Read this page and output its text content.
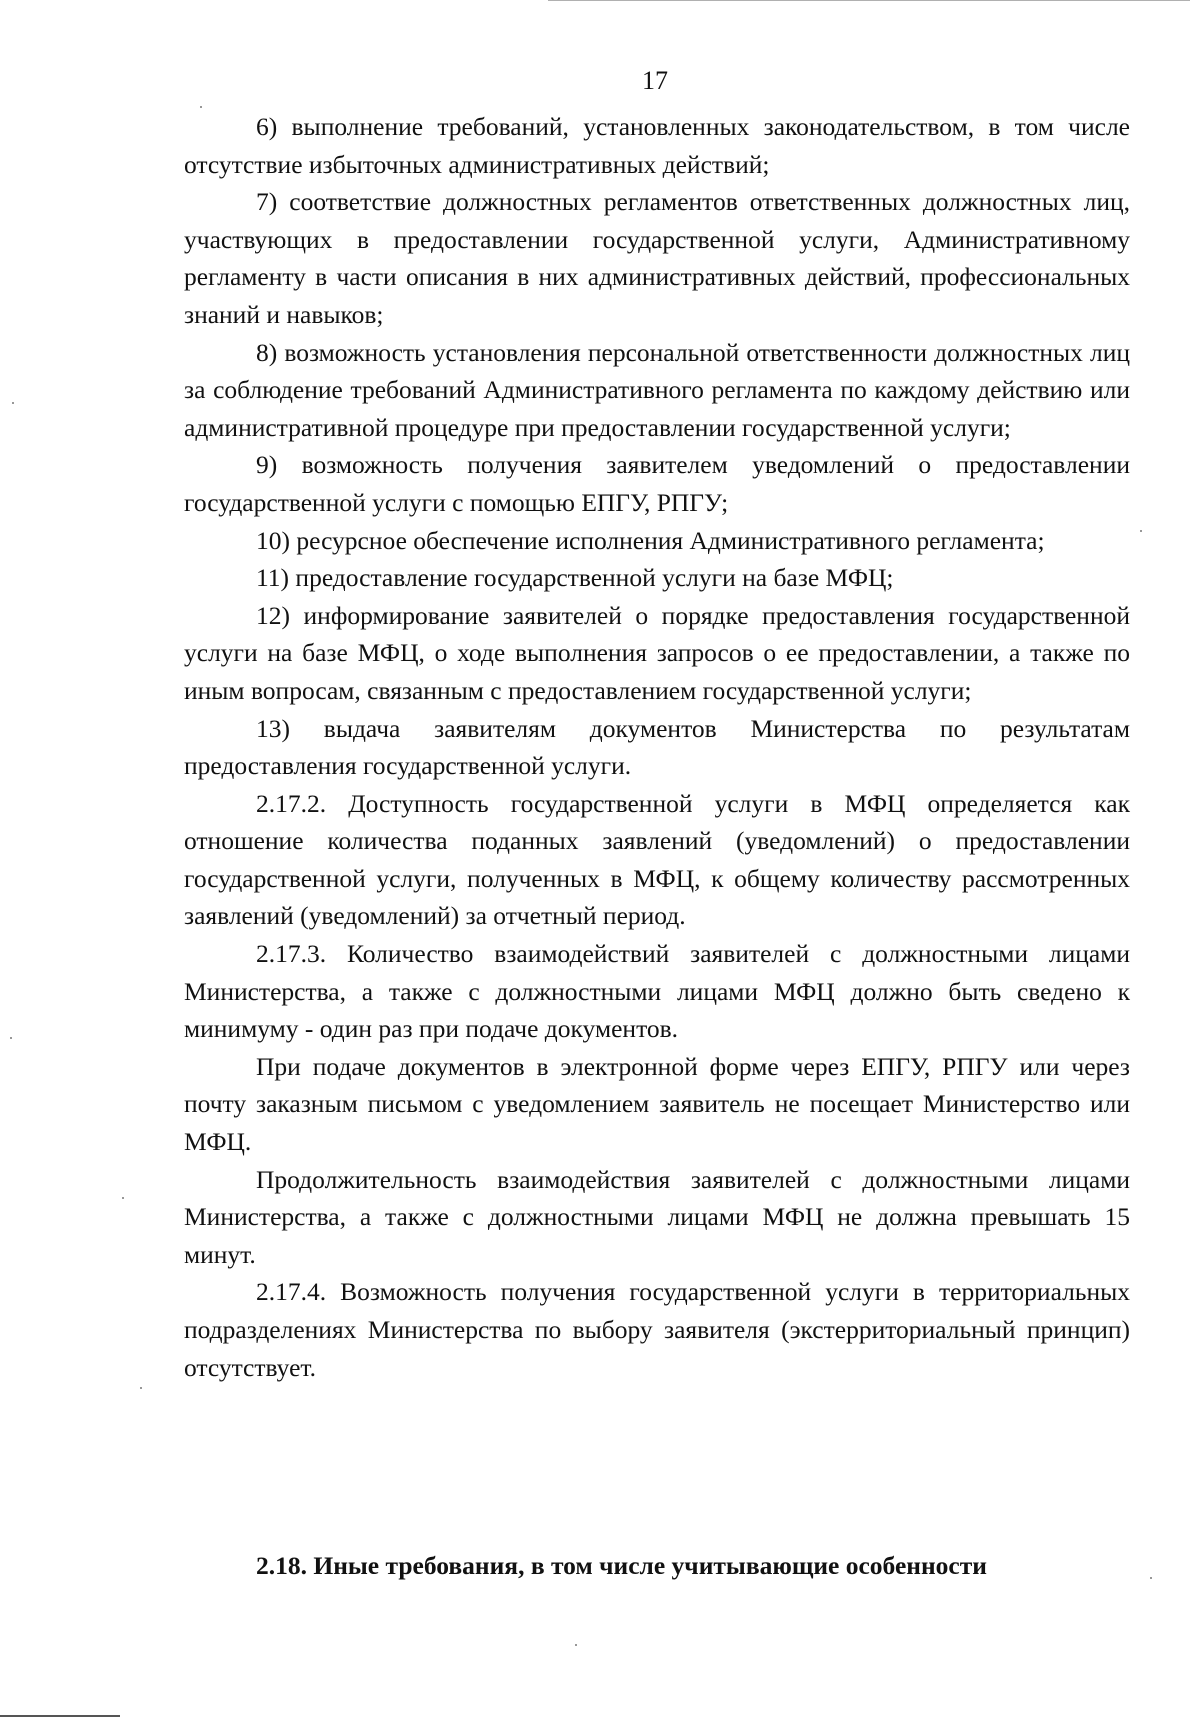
17

6) выполнение требований, установленных законодательством, в том числе отсутствие избыточных административных действий;

7) соответствие должностных регламентов ответственных должностных лиц, участвующих в предоставлении государственной услуги, Административному регламенту в части описания в них административных действий, профессиональных знаний и навыков;

8) возможность установления персональной ответственности должностных лиц за соблюдение требований Административного регламента по каждому действию или административной процедуре при предоставлении государственной услуги;

9) возможность получения заявителем уведомлений о предоставлении государственной услуги с помощью ЕПГУ, РПГУ;

10) ресурсное обеспечение исполнения Административного регламента;

11) предоставление государственной услуги на базе МФЦ;

12) информирование заявителей о порядке предоставления государственной услуги на базе МФЦ, о ходе выполнения запросов о ее предоставлении, а также по иным вопросам, связанным с предоставлением государственной услуги;

13) выдача заявителям документов Министерства по результатам предоставления государственной услуги.

2.17.2. Доступность государственной услуги в МФЦ определяется как отношение количества поданных заявлений (уведомлений) о предоставлении государственной услуги, полученных в МФЦ, к общему количеству рассмотренных заявлений (уведомлений) за отчетный период.

2.17.3. Количество взаимодействий заявителей с должностными лицами Министерства, а также с должностными лицами МФЦ должно быть сведено к минимуму - один раз при подаче документов.

При подаче документов в электронной форме через ЕПГУ, РПГУ или через почту заказным письмом с уведомлением заявитель не посещает Министерство или МФЦ.

Продолжительность взаимодействия заявителей с должностными лицами Министерства, а также с должностными лицами МФЦ не должна превышать 15 минут.

2.17.4. Возможность получения государственной услуги в территориальных подразделениях Министерства по выбору заявителя (экстерриториальный принцип) отсутствует.

2.18. Иные требования, в том числе учитывающие особенности
